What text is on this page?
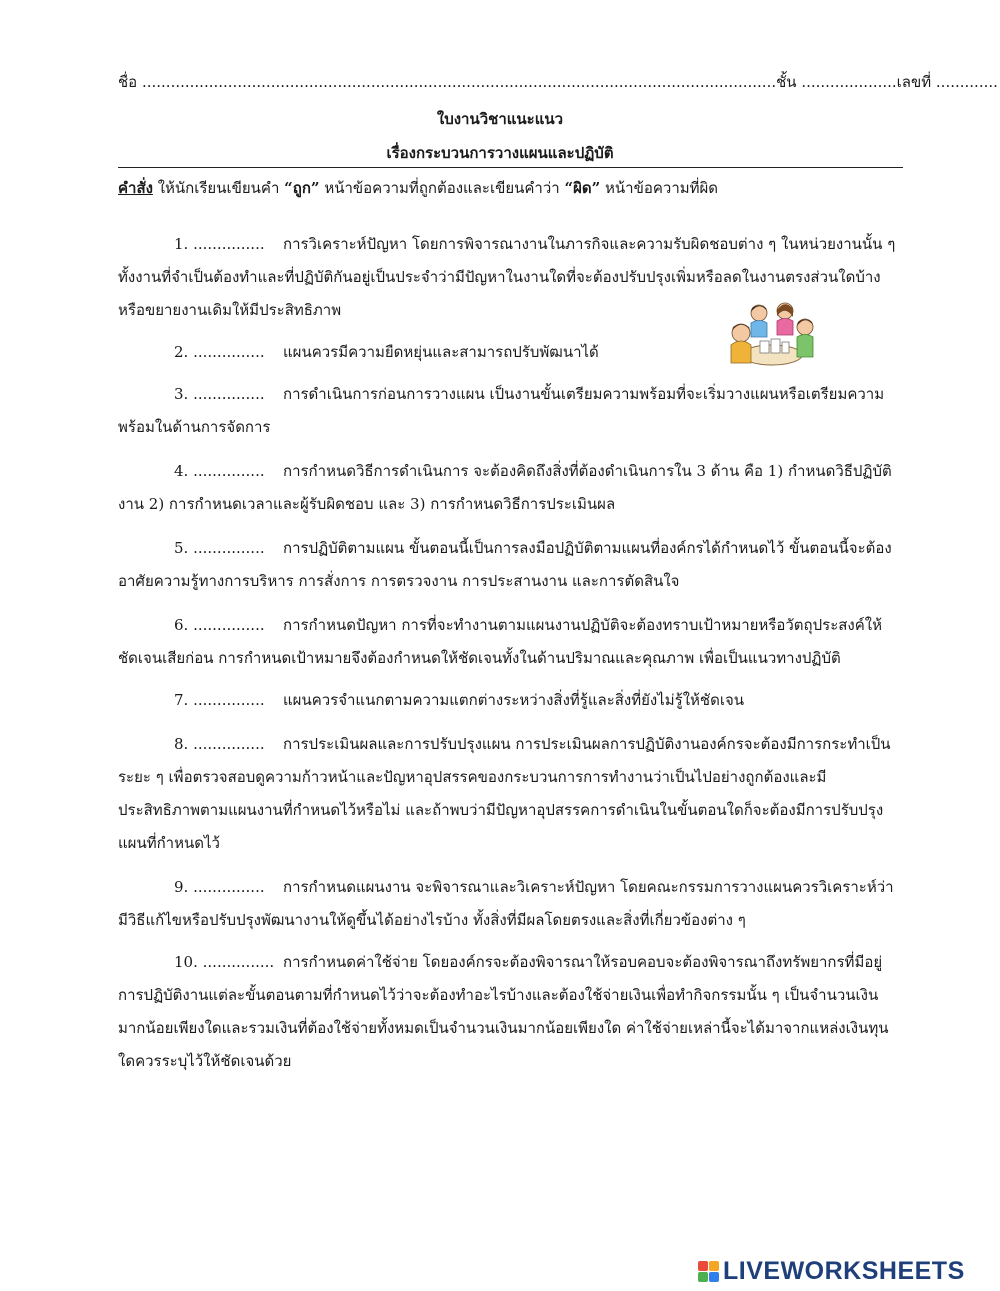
ชื่อ .....................................................................................................................................ชั้น ....................เลขที่ .............
ใบงานวิชาแนะแนว
เรื่องกระบวนการวางแผนและปฏิบัติ
คำสั่ง ให้นักเรียนเขียนคำ “ถูก” หน้าข้อความที่ถูกต้องและเขียนคำว่า “ผิด” หน้าข้อความที่ผิด
1. ............... การวิเคราะห์ปัญหา โดยการพิจารณางานในภารกิจและความรับผิดชอบต่าง ๆ ในหน่วยงานนั้น ๆ ทั้งงานที่จำเป็นต้องทำและที่ปฏิบัติกันอยู่เป็นประจำว่ามีปัญหาในงานใดที่จะต้องปรับปรุงเพิ่มหรือลดในงานตรงส่วนใดบ้างหรือขยายงานเดิมให้มีประสิทธิภาพ
2. ............... แผนควรมีความยืดหยุ่นและสามารถปรับพัฒนาได้
3. ............... การดำเนินการก่อนการวางแผน เป็นงานขั้นเตรียมความพร้อมที่จะเริ่มวางแผนหรือเตรียมความพร้อมในด้านการจัดการ
4. ............... การกำหนดวิธีการดำเนินการ จะต้องคิดถึงสิ่งที่ต้องดำเนินการใน 3 ด้าน คือ 1) กำหนดวิธีปฏิบัติงาน 2) การกำหนดเวลาและผู้รับผิดชอบ และ 3) การกำหนดวิธีการประเมินผล
5. ............... การปฏิบัติตามแผน ขั้นตอนนี้เป็นการลงมือปฏิบัติตามแผนที่องค์กรได้กำหนดไว้ ขั้นตอนนี้จะต้องอาศัยความรู้ทางการบริหาร การสั่งการ การตรวจงาน การประสานงาน และการตัดสินใจ
6. ............... การกำหนดปัญหา การที่จะทำงานตามแผนงานปฏิบัติจะต้องทราบเป้าหมายหรือวัตถุประสงค์ให้ชัดเจนเสียก่อน การกำหนดเป้าหมายจึงต้องกำหนดให้ชัดเจนทั้งในด้านปริมาณและคุณภาพ เพื่อเป็นแนวทางปฏิบัติ
7. ............... แผนควรจำแนกตามความแตกต่างระหว่างสิ่งที่รู้และสิ่งที่ยังไม่รู้ให้ชัดเจน
8. ............... การประเมินผลและการปรับปรุงแผน การประเมินผลการปฏิบัติงานองค์กรจะต้องมีการกระทำเป็นระยะ ๆ เพื่อตรวจสอบดูความก้าวหน้าและปัญหาอุปสรรคของกระบวนการการทำงานว่าเป็นไปอย่างถูกต้องและมีประสิทธิภาพตามแผนงานที่กำหนดไว้หรือไม่ และถ้าพบว่ามีปัญหาอุปสรรคการดำเนินในขั้นตอนใดก็จะต้องมีการปรับปรุงแผนที่กำหนดไว้
9. ............... การกำหนดแผนงาน จะพิจารณาและวิเคราะห์ปัญหา โดยคณะกรรมการวางแผนควรวิเคราะห์ว่ามีวิธีแก้ไขหรือปรับปรุงพัฒนางานให้ดูขึ้นได้อย่างไรบ้าง ทั้งสิ่งที่มีผลโดยตรงและสิ่งที่เกี่ยวข้องต่าง ๆ
10. ............... การกำหนดค่าใช้จ่าย โดยองค์กรจะต้องพิจารณาให้รอบคอบจะต้องพิจารณาถึงทรัพยากรที่มีอยู่การปฏิบัติงานแต่ละขั้นตอนตามที่กำหนดไว้ว่าจะต้องทำอะไรบ้างและต้องใช้จ่ายเงินเพื่อทำกิจกรรมนั้น ๆ เป็นจำนวนเงินมากน้อยเพียงใดและรวมเงินที่ต้องใช้จ่ายทั้งหมดเป็นจำนวนเงินมากน้อยเพียงใด ค่าใช้จ่ายเหล่านี้จะได้มาจากแหล่งเงินทุนใดควรระบุไว้ให้ชัดเจนด้วย
LIVEWORKSHEETS
